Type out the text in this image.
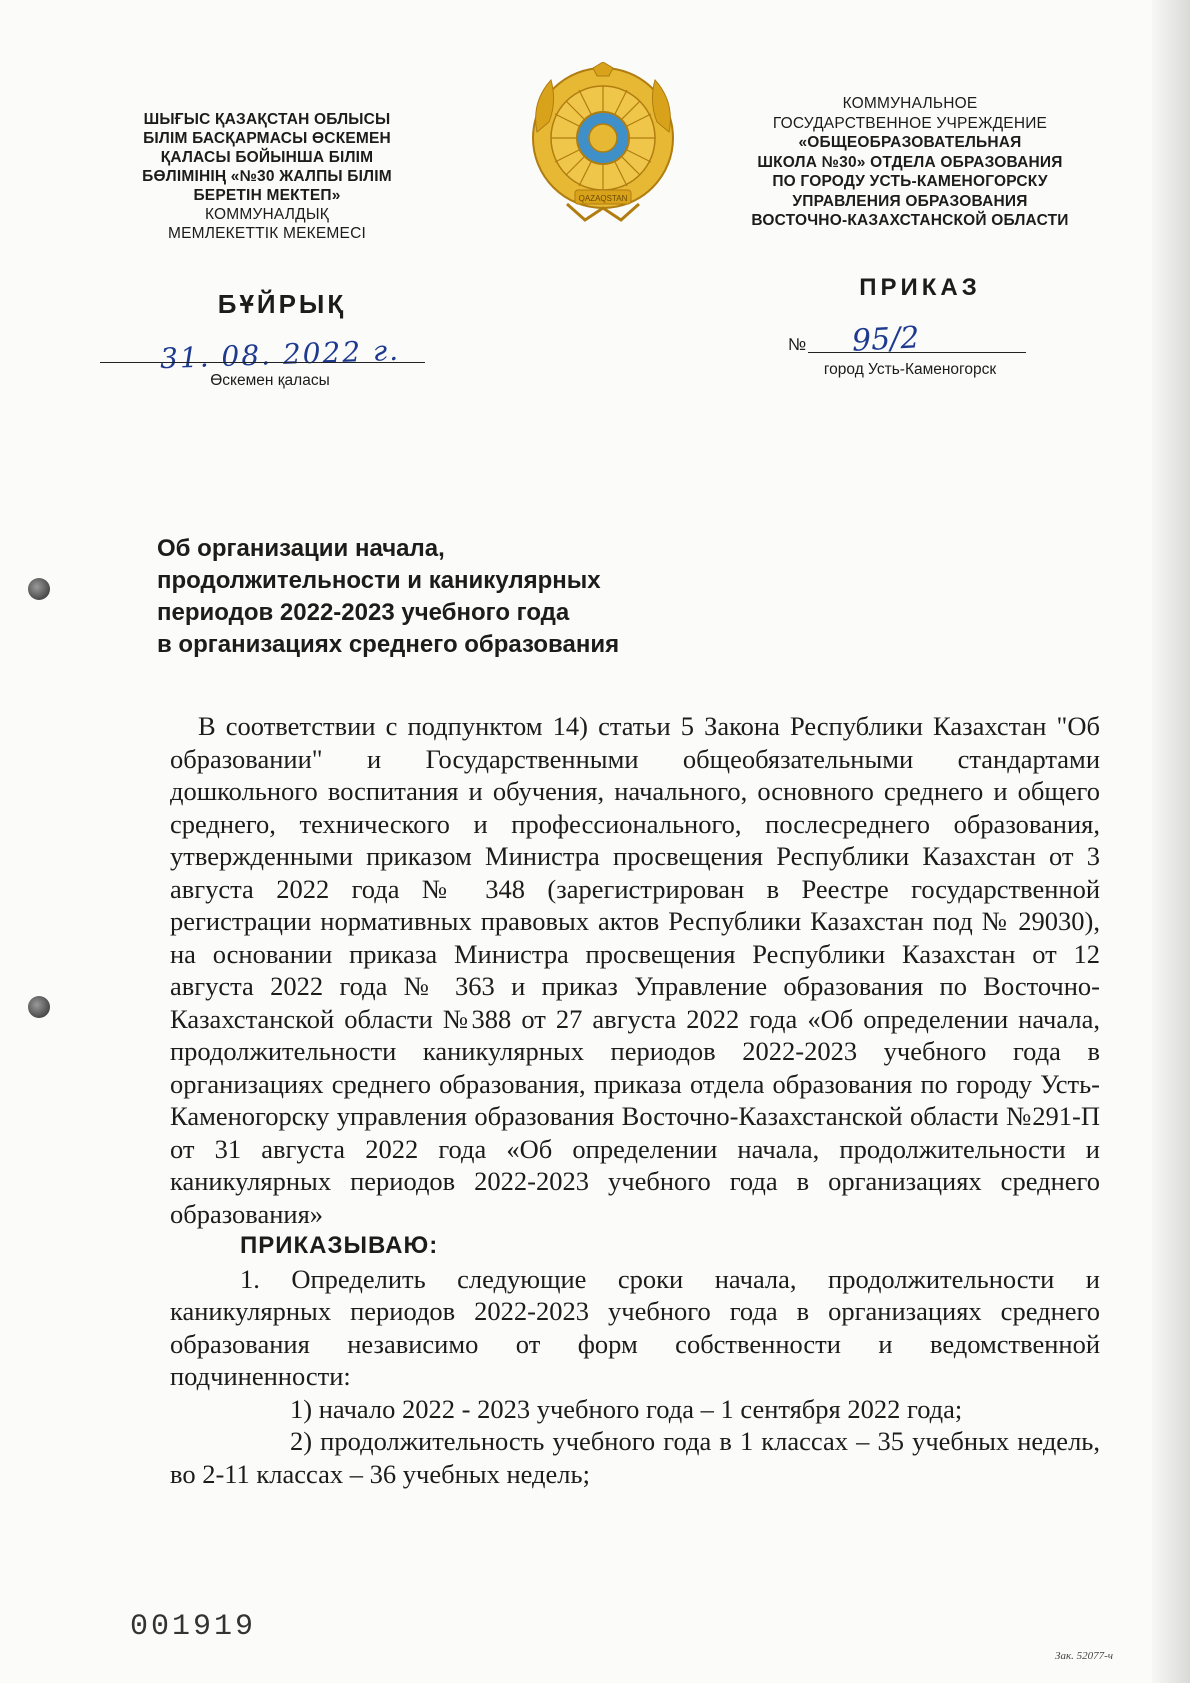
ШЫҒЫС ҚАЗАҚСТАН ОБЛЫСЫ
БІЛІМ БАСҚАРМАСЫ ӨСКЕМЕН
ҚАЛАСЫ БОЙЫНША БІЛІМ
БӨЛІМІНІҢ «№30 ЖАЛПЫ БІЛІМ
БЕРЕТІН МЕКТЕП»
КОММУНАЛДЫҚ
МЕМЛЕКЕТТІК МЕКЕМЕСІ
QAZAQSTAN
КОММУНАЛЬНОЕ
ГОСУДАРСТВЕННОЕ УЧРЕЖДЕНИЕ
«ОБЩЕОБРАЗОВАТЕЛЬНАЯ
ШКОЛА №30» ОТДЕЛА ОБРАЗОВАНИЯ
ПО ГОРОДУ УСТЬ-КАМЕНОГОРСКУ
УПРАВЛЕНИЯ ОБРАЗОВАНИЯ
ВОСТОЧНО-КАЗАХСТАНСКОЙ ОБЛАСТИ
БҰЙРЫҚ
ПРИКАЗ
31. 08. 2022 г.
Өскемен қаласы
№ 95/2
город Усть-Каменогорск
Об организации начала,
продолжительности и каникулярных
периодов 2022-2023 учебного года
в организациях среднего образования

В соответствии с подпунктом 14) статьи 5 Закона Республики Казахстан "Об образовании" и Государственными общеобязательными стандартами дошкольного воспитания и обучения, начального, основного среднего и общего среднего, технического и профессионального, послесреднего образования, утвержденными приказом Министра просвещения Республики Казахстан от 3 августа 2022 года № 348 (зарегистрирован в Реестре государственной регистрации нормативных правовых актов Республики Казахстан под № 29030), на основании приказа Министра просвещения Республики Казахстан от 12 августа 2022 года № 363 и приказ Управление образования по Восточно-Казахстанской области №388 от 27 августа 2022 года «Об определении начала, продолжительности каникулярных периодов 2022-2023 учебного года в организациях среднего образования, приказа отдела образования по городу Усть-Каменогорску управления образования Восточно-Казахстанской области №291-П от 31 августа 2022 года «Об определении начала, продолжительности и каникулярных периодов 2022-2023 учебного года в организациях среднего образования»

ПРИКАЗЫВАЮ:

1. Определить следующие сроки начала, продолжительности и каникулярных периодов 2022-2023 учебного года в организациях среднего образования независимо от форм собственности и ведомственной подчиненности:

1) начало 2022 - 2023 учебного года – 1 сентября 2022 года;

2) продолжительность учебного года в 1 классах – 35 учебных недель, во 2-11 классах – 36 учебных недель;

001919
Зак. 52077-ч
